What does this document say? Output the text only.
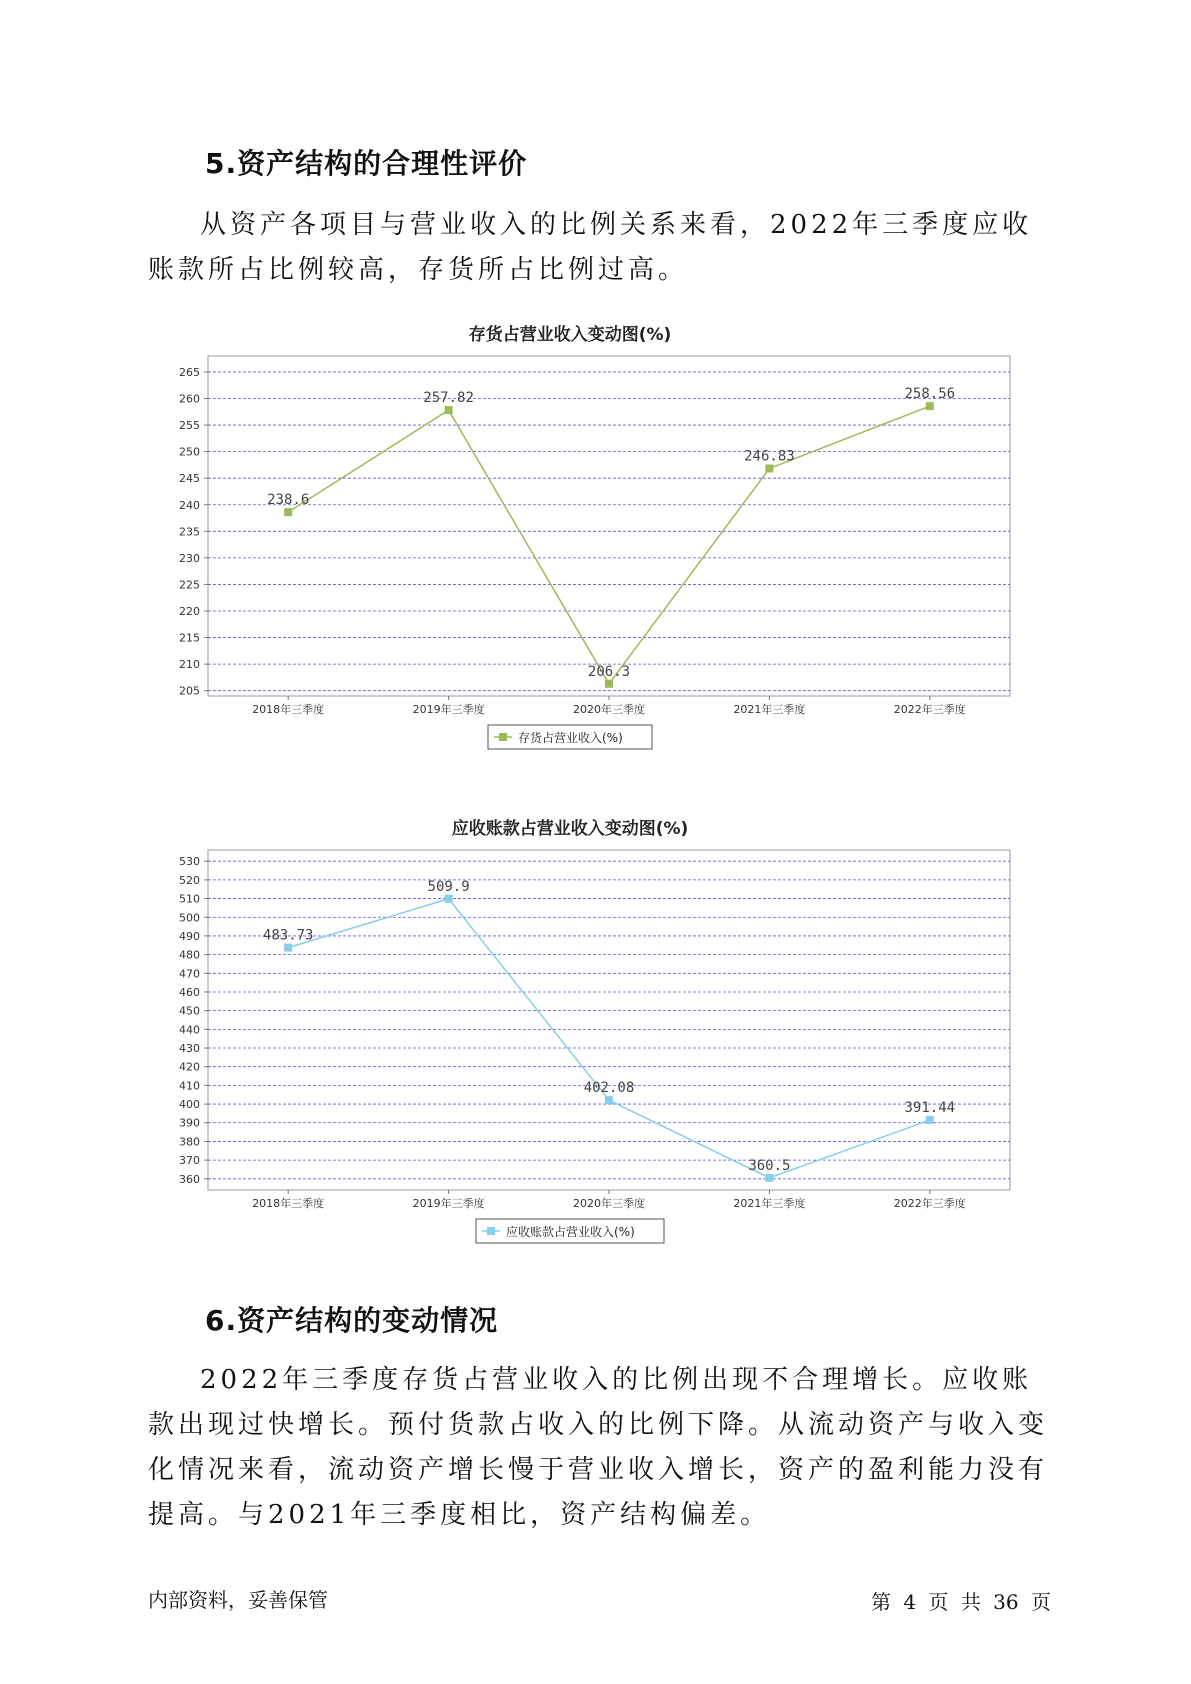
5.资产结构的合理性评价

从资产各项目与营业收入的比例关系来看，2022年三季度应收账款所占比例较高，存货所占比例过高。

存货占营业收入变动图(%)
205
210
215
220
225
230
235
240
245
250
255
260
265
2018年三季度	2019年三季度	2020年三季度	2021年三季度	2022年三季度
238.6
257.82
206.3
246.83
258.56
存货占营业收入(%)
应收账款占营业收入变动图(%)
360
370
380
390
400
410
420
430
440
450
460
470
480
490
500
510
520
530
2018年三季度	2019年三季度	2020年三季度	2021年三季度	2022年三季度
483.73
509.9
402.08
360.5
391.44
应收账款占营业收入(%)
6.资产结构的变动情况

2022年三季度存货占营业收入的比例出现不合理增长。应收账款出现过快增长。预付货款占收入的比例下降。从流动资产与收入变化情况来看，流动资产增长慢于营业收入增长，资产的盈利能力没有提高。与2021年三季度相比，资产结构偏差。

内部资料，妥善保管	第 4 页 共 36 页
